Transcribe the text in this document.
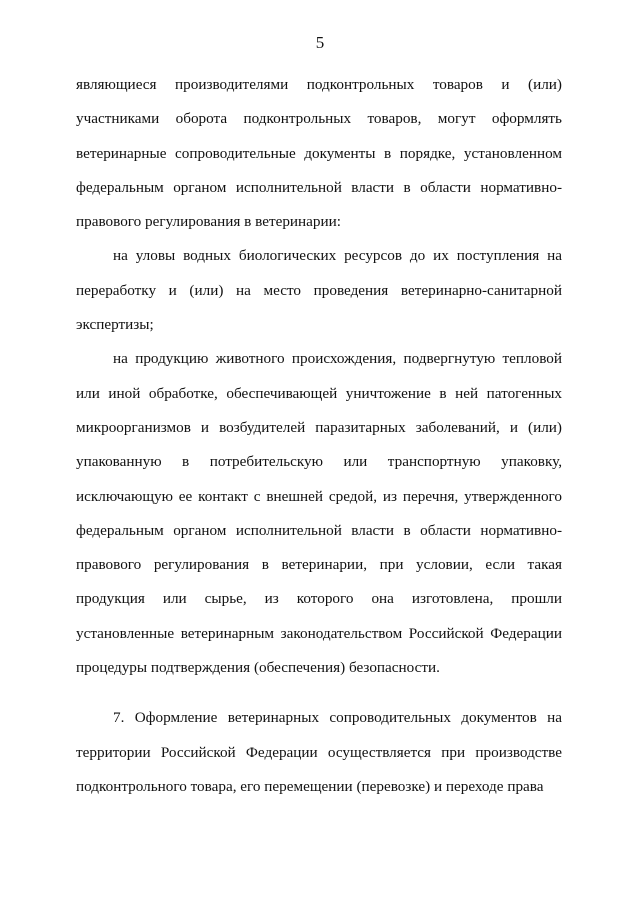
5

являющиеся производителями подконтрольных товаров и (или) участниками оборота подконтрольных товаров, могут оформлять ветеринарные сопроводительные документы в порядке, установленном федеральным органом исполнительной власти в области нормативно-правового регулирования в ветеринарии:

на уловы водных биологических ресурсов до их поступления на переработку и (или) на место проведения ветеринарно-санитарной экспертизы;

на продукцию животного происхождения, подвергнутую тепловой или иной обработке, обеспечивающей уничтожение в ней патогенных микроорганизмов и возбудителей паразитарных заболеваний, и (или) упакованную в потребительскую или транспортную упаковку, исключающую ее контакт с внешней средой, из перечня, утвержденного федеральным органом исполнительной власти в области нормативно-правового регулирования в ветеринарии, при условии, если такая продукция или сырье, из которого она изготовлена, прошли установленные ветеринарным законодательством Российской Федерации процедуры подтверждения (обеспечения) безопасности.

7. Оформление ветеринарных сопроводительных документов на территории Российской Федерации осуществляется при производстве подконтрольного товара, его перемещении (перевозке) и переходе права
